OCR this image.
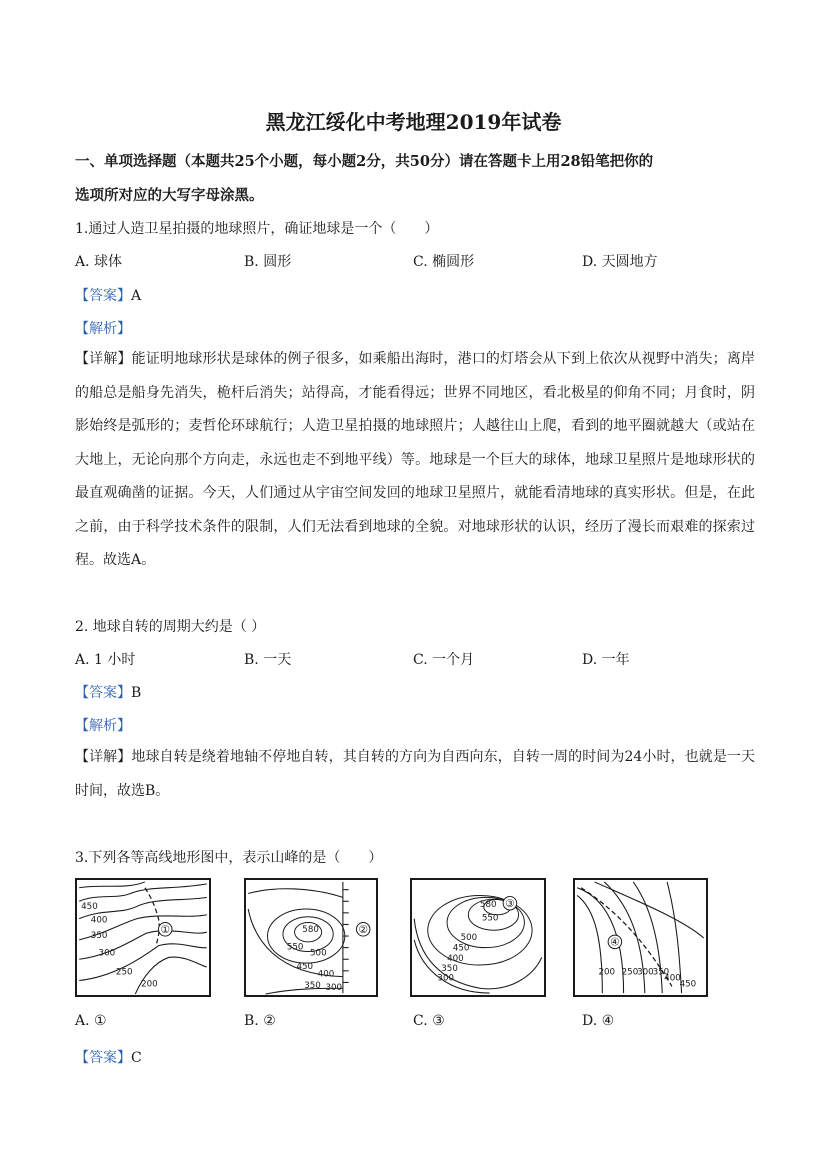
黑龙江绥化中考地理2019年试卷
一、单项选择题（本题共25个小题，每小题2分，共50分）请在答题卡上用28铅笔把你的
选项所对应的大写字母涂黑。
1.通过人造卫星拍摄的地球照片，确证地球是一个（　　）
A. 球体	B. 圆形	C. 椭圆形	D. 天圆地方
【答案】A
【解析】
【详解】能证明地球形状是球体的例子很多，如乘船出海时，港口的灯塔会从下到上依次从视野中消失；离岸的船总是船身先消失，桅杆后消失；站得高，才能看得远；世界不同地区，看北极星的仰角不同；月食时，阴影始终是弧形的；麦哲伦环球航行；人造卫星拍摄的地球照片；人越往山上爬，看到的地平圈就越大（或站在大地上，无论向那个方向走，永远也走不到地平线）等。地球是一个巨大的球体，地球卫星照片是地球形状的最直观确凿的证据。今天，人们通过从宇宙空间发回的地球卫星照片，就能看清地球的真实形状。但是，在此之前，由于科学技术条件的限制，人们无法看到地球的全貌。对地球形状的认识，经历了漫长而艰难的探索过程。故选A。
2. 地球自转的周期大约是（ ）
A. 1 小时	B. 一天	C. 一个月	D. 一年
【答案】B
【解析】
【详解】地球自转是绕着地轴不停地自转，其自转的方向为自西向东，自转一周的时间为24小时，也就是一天时间，故选B。
3.下列各等高线地形图中，表示山峰的是（　　）
①
450
400
350
300
250
200
②
580
550
500
450
400
350 300
③
580
550
500
450
400
350
300
④
200 250
300
350
400
450
A. ①	B. ②	C. ③	D. ④
【答案】C
